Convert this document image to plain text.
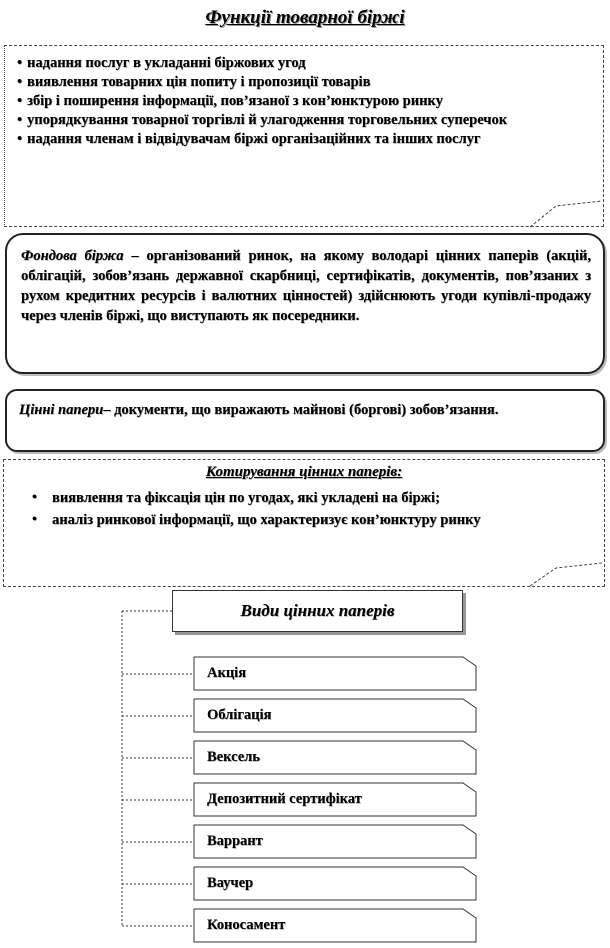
Функції товарної біржі
• надання послуг в укладанні біржових угод
• виявлення товарних цін попиту і пропозиції товарів
• збір і поширення інформації, пов’язаної з кон’юнктурою ринку
• упорядкування товарної торгівлі й улагодження торговельних суперечок
• надання членам і відвідувачам біржі організаційних та інших послуг
Фондова біржа – організований ринок, на якому володарі цінних паперів (акцій, облігацій, зобов’язань державної скарбниці, сертифікатів, документів, пов’язаних з рухом кредитних ресурсів і валютних цінностей) здійснюють угоди купівлі-продажу через членів біржі, що виступають як посередники.
Цінні папери– документи, що виражають майнові (боргові) зобов’язання.
Котирування цінних паперів:
• виявлення та фіксація цін по угодах, які укладені на біржі;
• аналіз ринкової інформації, що характеризує кон’юнктуру ринку
Види цінних паперів
Акція
Облігація
Вексель
Депозитний сертифікат
Варрант
Ваучер
Коносамент
